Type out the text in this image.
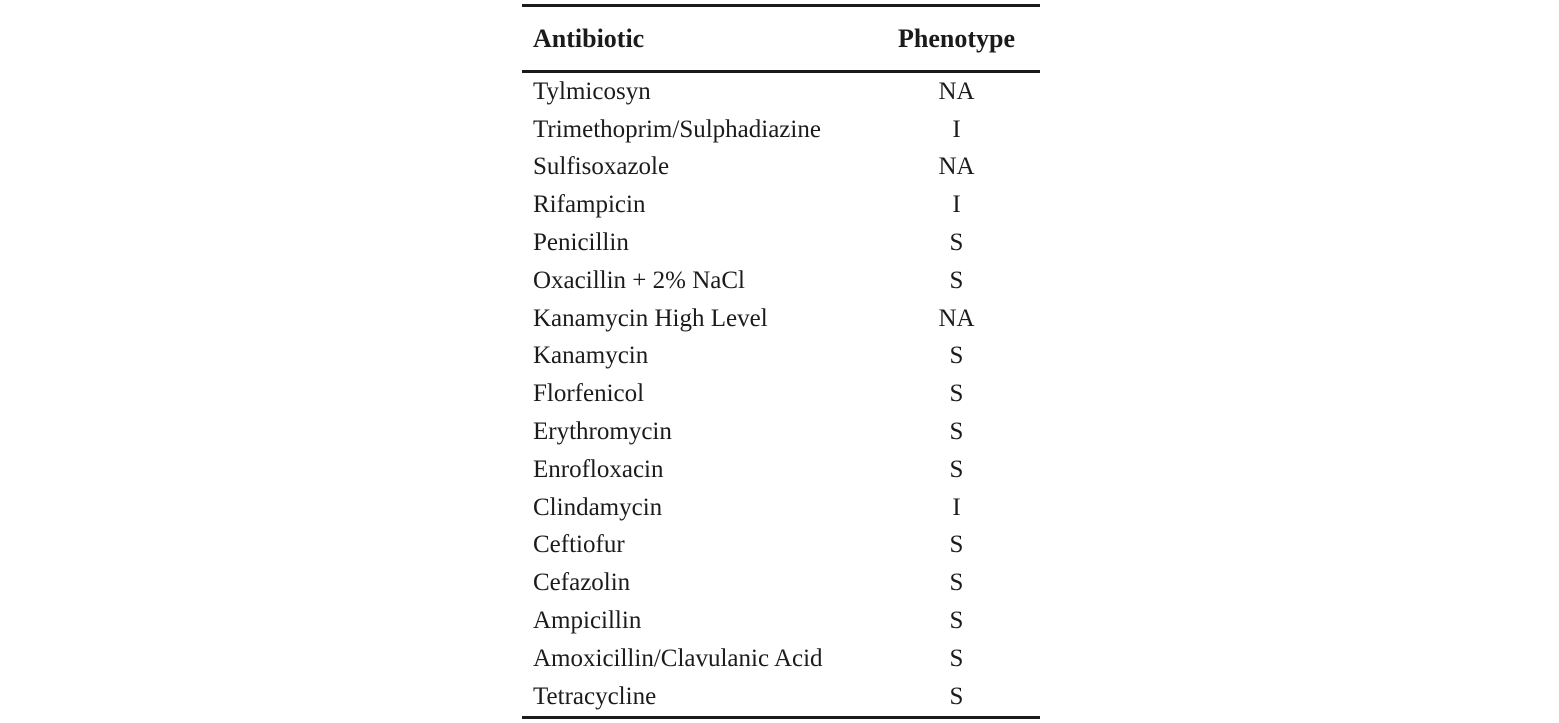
Antibiotic	Phenotype
Tylmicosyn	NA
Trimethoprim/Sulphadiazine	I
Sulfisoxazole	NA
Rifampicin	I
Penicillin	S
Oxacillin + 2% NaCl	S
Kanamycin High Level	NA
Kanamycin	S
Florfenicol	S
Erythromycin	S
Enrofloxacin	S
Clindamycin	I
Ceftiofur	S
Cefazolin	S
Ampicillin	S
Amoxicillin/Clavulanic Acid	S
Tetracycline	S
